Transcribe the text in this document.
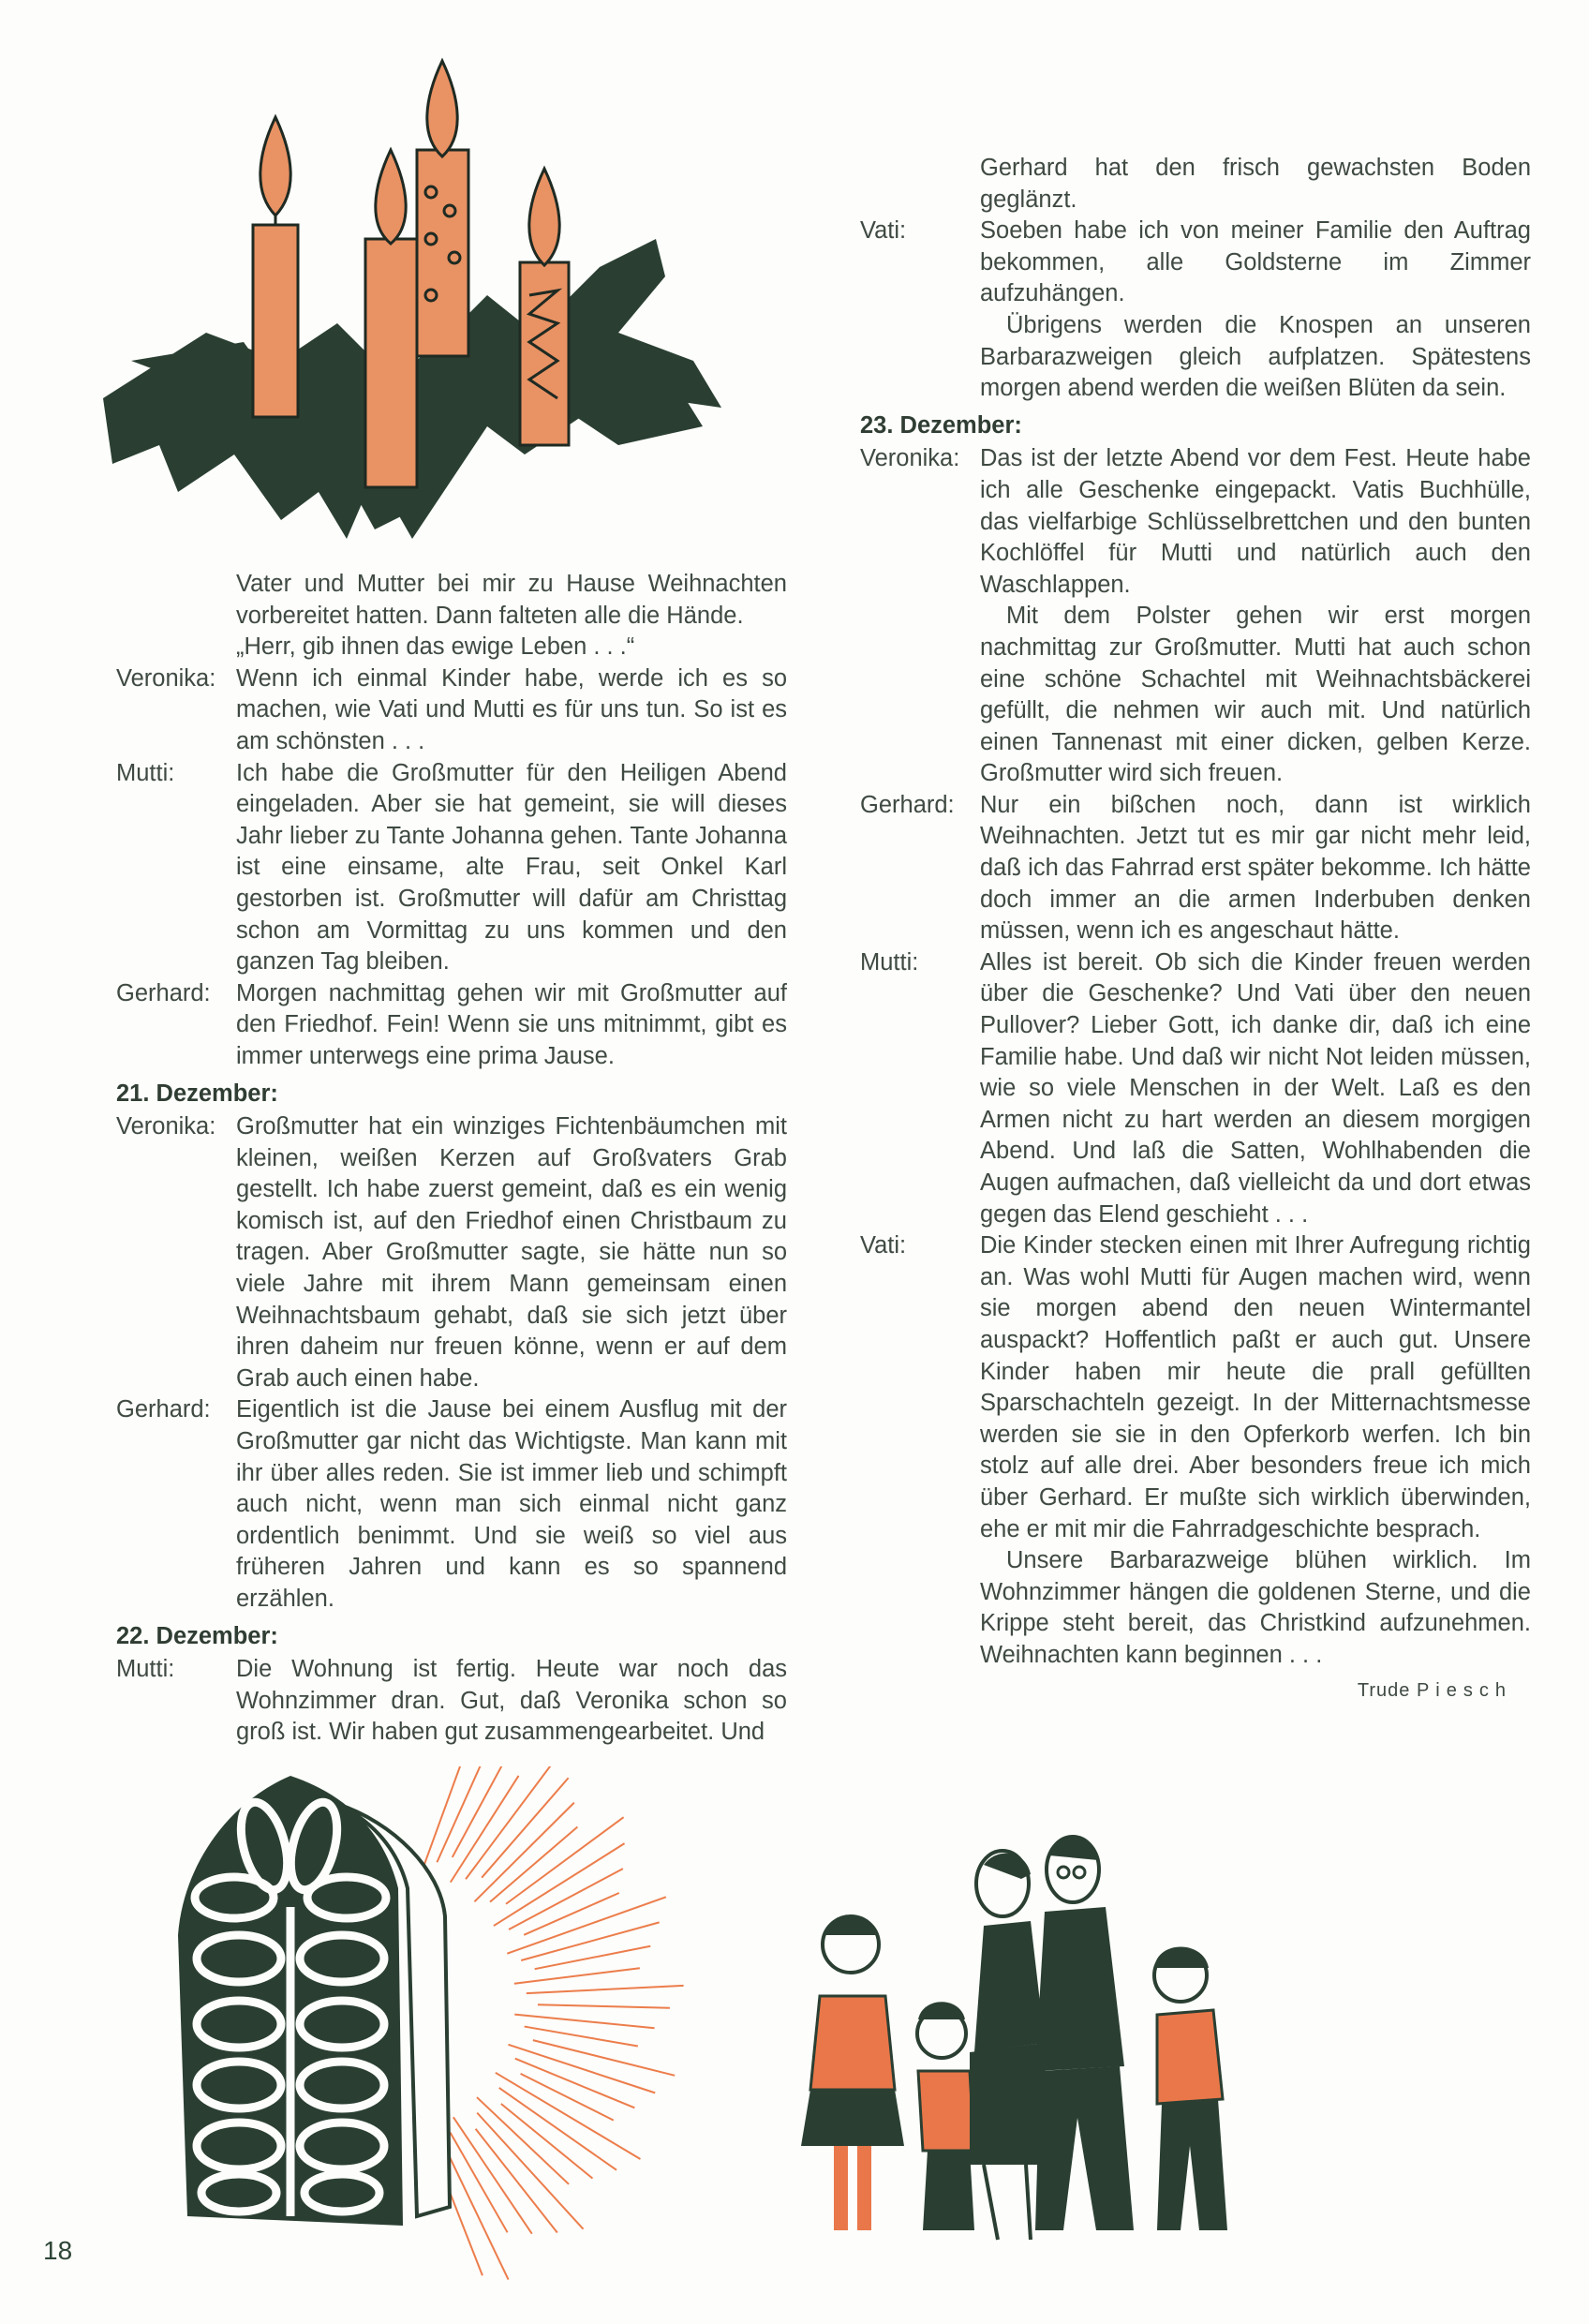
Vater und Mutter bei mir zu Hause Weihnachten vorbereitet hatten. Dann falteten alle die Hände.
„Herr, gib ihnen das ewige Leben . . .“
Veronika: Wenn ich einmal Kinder habe, werde ich es so machen, wie Vati und Mutti es für uns tun. So ist es am schönsten . . .
Mutti:	Ich habe die Großmutter für den Heiligen Abend eingeladen. Aber sie hat gemeint, sie will dieses Jahr lieber zu Tante Johanna gehen. Tante Johanna ist eine einsame, alte Frau, seit Onkel Karl gestorben ist. Großmutter will dafür am Christtag schon am Vormittag zu uns kommen und den ganzen Tag bleiben.
Gerhard:	Morgen nachmittag gehen wir mit Großmutter auf den Friedhof. Fein! Wenn sie uns mitnimmt, gibt es immer unterwegs eine prima Jause.
21. Dezember:
Veronika: Großmutter hat ein winziges Fichtenbäumchen mit kleinen, weißen Kerzen auf Großvaters Grab gestellt. Ich habe zuerst gemeint, daß es ein wenig komisch ist, auf den Friedhof einen Christbaum zu tragen. Aber Großmutter sagte, sie hätte nun so viele Jahre mit ihrem Mann gemeinsam einen Weihnachtsbaum gehabt, daß sie sich jetzt über ihren daheim nur freuen könne, wenn er auf dem Grab auch einen habe.
Gerhard:	Eigentlich ist die Jause bei einem Ausflug mit der Großmutter gar nicht das Wichtigste. Man kann mit ihr über alles reden. Sie ist immer lieb und schimpft auch nicht, wenn man sich einmal nicht ganz ordentlich benimmt. Und sie weiß so viel aus früheren Jahren und kann es so spannend erzählen.
22. Dezember:
Mutti:	Die Wohnung ist fertig. Heute war noch das Wohnzimmer dran. Gut, daß Veronika schon so groß ist. Wir haben gut zusammengearbeitet. Und
Gerhard hat den frisch gewachsten Boden geglänzt.
Vati:	Soeben habe ich von meiner Familie den Auftrag bekommen, alle Goldsterne im Zimmer aufzuhängen.
Übrigens werden die Knospen an unseren Barbarazweigen gleich aufplatzen. Spätestens morgen abend werden die weißen Blüten da sein.
23. Dezember:
Veronika: Das ist der letzte Abend vor dem Fest. Heute habe ich alle Geschenke eingepackt. Vatis Buchhülle, das vielfarbige Schlüsselbrettchen und den bunten Kochlöffel für Mutti und natürlich auch den Waschlappen.
Mit dem Polster gehen wir erst morgen nachmittag zur Großmutter. Mutti hat auch schon eine schöne Schachtel mit Weihnachtsbäckerei gefüllt, die nehmen wir auch mit. Und natürlich einen Tannenast mit einer dicken, gelben Kerze. Großmutter wird sich freuen.
Gerhard:	Nur ein bißchen noch, dann ist wirklich Weihnachten. Jetzt tut es mir gar nicht mehr leid, daß ich das Fahrrad erst später bekomme. Ich hätte doch immer an die armen Inderbuben denken müssen, wenn ich es angeschaut hätte.
Mutti:	Alles ist bereit. Ob sich die Kinder freuen werden über die Geschenke? Und Vati über den neuen Pullover? Lieber Gott, ich danke dir, daß ich eine Familie habe. Und daß wir nicht Not leiden müssen, wie so viele Menschen in der Welt. Laß es den Armen nicht zu hart werden an diesem morgigen Abend. Und laß die Satten, Wohlhabenden die Augen aufmachen, daß vielleicht da und dort etwas gegen das Elend geschieht . . .
Vati:	Die Kinder stecken einen mit Ihrer Aufregung richtig an. Was wohl Mutti für Augen machen wird, wenn sie morgen abend den neuen Wintermantel auspackt? Hoffentlich paßt er auch gut. Unsere Kinder haben mir heute die prall gefüllten Sparschachteln gezeigt. In der Mitternachtsmesse werden sie sie in den Opferkorb werfen. Ich bin stolz auf alle drei. Aber besonders freue ich mich über Gerhard. Er mußte sich wirklich überwinden, ehe er mit mir die Fahrradgeschichte besprach.
Unsere Barbarazweige blühen wirklich. Im Wohnzimmer hängen die goldenen Sterne, und die Krippe steht bereit, das Christkind aufzunehmen. Weihnachten kann beginnen . . .
Trude Piesch
18
